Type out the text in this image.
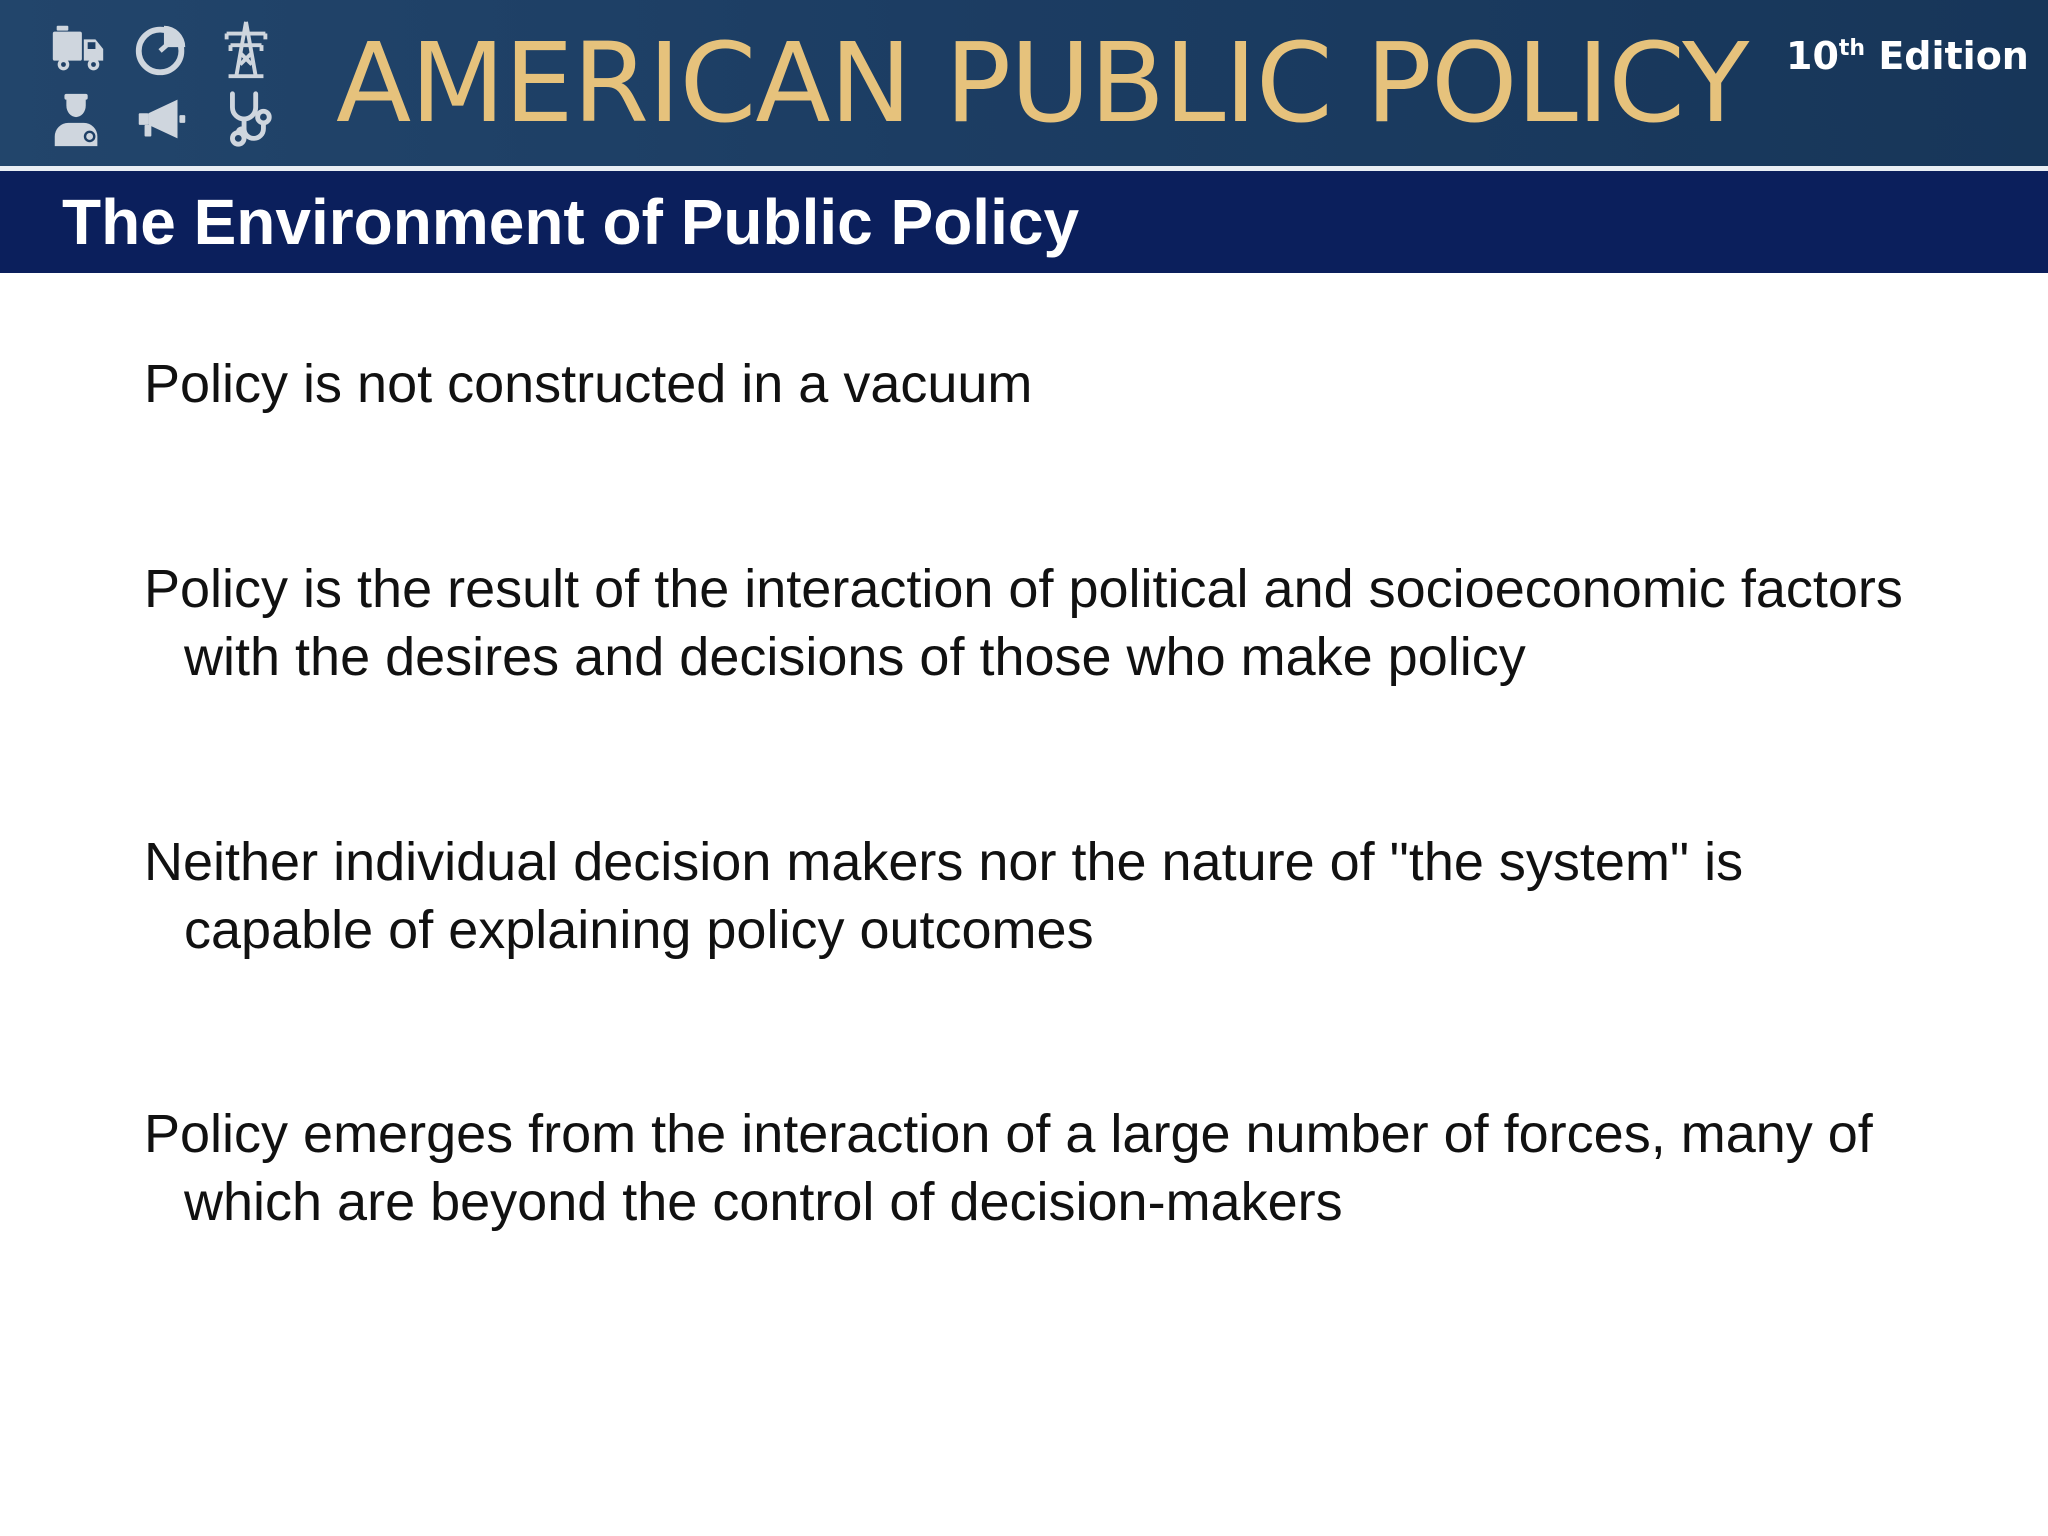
AMERICAN PUBLIC POLICY 10th Edition
The Environment of Public Policy
Policy is not constructed in a vacuum
Policy is the result of the interaction of political and socioeconomic factors with the desires and decisions of those who make policy
Neither individual decision makers nor the nature of "the system" is capable of explaining policy outcomes
Policy emerges from the interaction of a large number of forces, many of which are beyond the control of decision-makers
